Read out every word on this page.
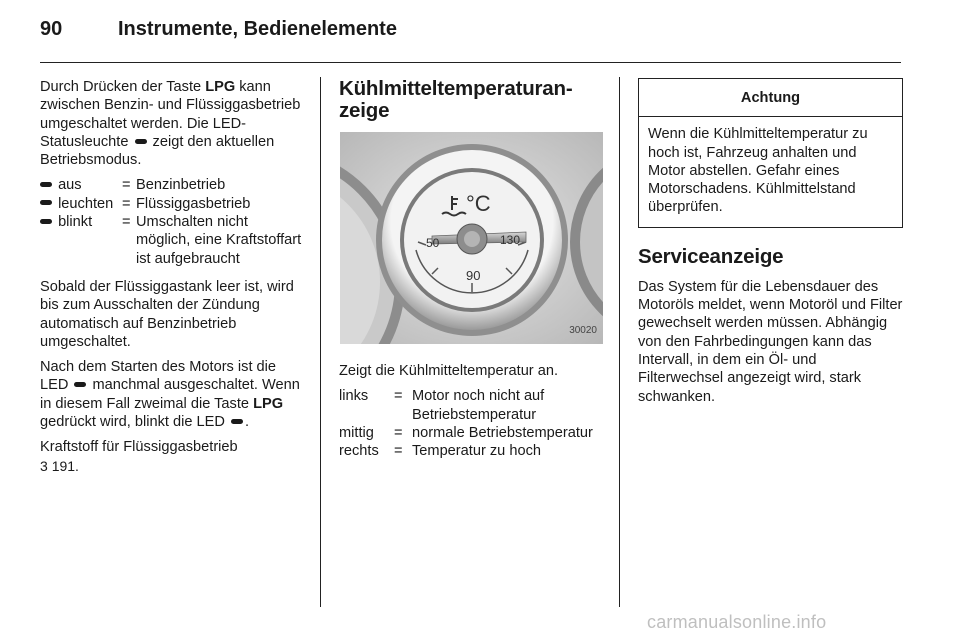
90	Instrumente, Bedienelemente

Durch Drücken der Taste LPG kann zwischen Benzin- und Flüssiggasbetrieb umgeschaltet werden. Die LED-Statusleuchte  zeigt den aktuellen Betriebsmodus.

aus	= Benzinbetrieb
leuchten = Flüssiggasbetrieb
blinkt	= Umschalten nicht möglich, eine Kraftstoffart ist aufgebraucht

Sobald der Flüssiggastank leer ist, wird bis zum Ausschalten der Zündung automatisch auf Benzinbetrieb umgeschaltet.

Nach dem Starten des Motors ist die LED  manchmal ausgeschaltet. Wenn in diesem Fall zweimal die Taste LPG gedrückt wird, blinkt die LED .

Kraftstoff für Flüssiggasbetrieb
3 191.

Kühlmitteltemperaturan-zeige
°C
50
90
130
30020

Zeigt die Kühlmitteltemperatur an.

links	= Motor noch nicht auf Betriebstemperatur
mittig	= normale Betriebstemperatur
rechts	= Temperatur zu hoch
Achtung
Wenn die Kühlmitteltemperatur zu hoch ist, Fahrzeug anhalten und Motor abstellen. Gefahr eines Motorschadens. Kühlmittelstand überprüfen.
Serviceanzeige

Das System für die Lebensdauer des Motoröls meldet, wenn Motoröl und Filter gewechselt werden müssen. Abhängig von den Fahrbedingungen kann das Intervall, in dem ein Öl- und Filterwechsel angezeigt wird, stark schwanken.

carmanualsonline.info
